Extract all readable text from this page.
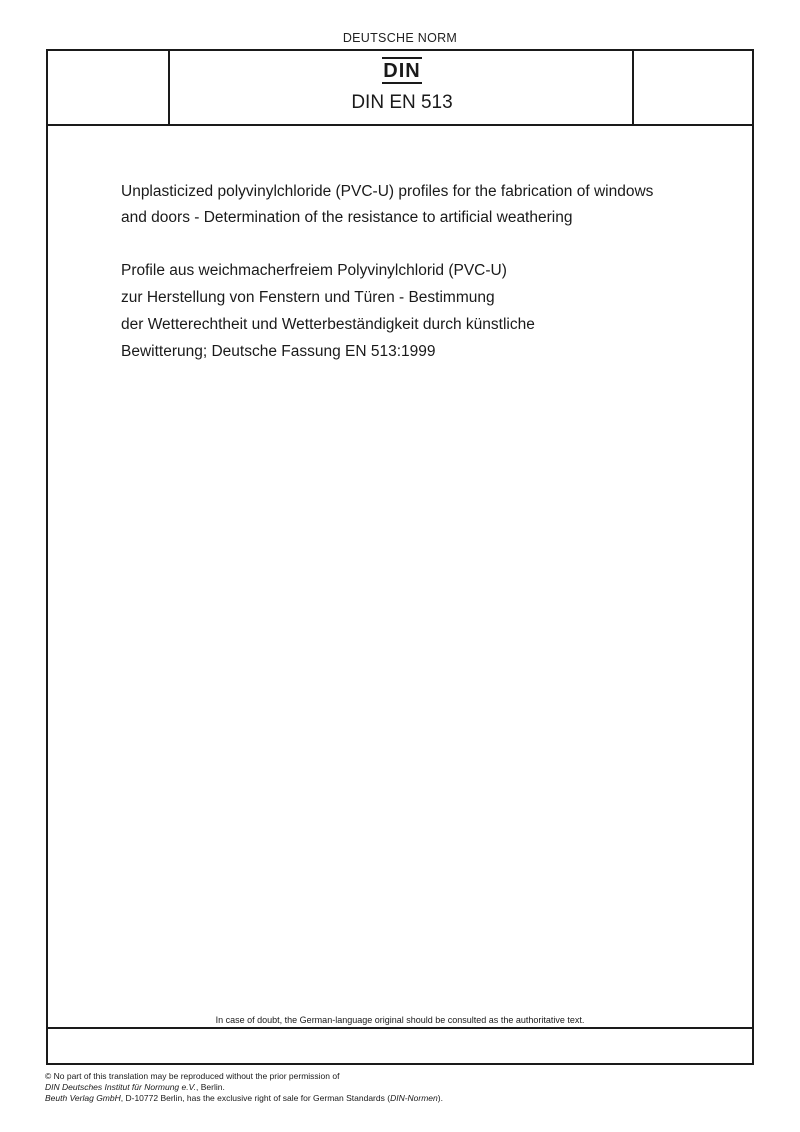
DEUTSCHE NORM
DIN
DIN EN 513
Unplasticized polyvinylchloride (PVC-U) profiles for the fabrication of windows
and doors - Determination of the resistance to artificial weathering
Profile aus weichmacherfreiem Polyvinylchlorid (PVC-U)
zur Herstellung von Fenstern und Türen - Bestimmung
der Wetterechtheit und Wetterbeständigkeit durch künstliche
Bewitterung; Deutsche Fassung EN 513:1999
In case of doubt, the German-language original should be consulted as the authoritative text.
© No part of this translation may be reproduced without the prior permission of
DIN Deutsches Institut für Normung e.V., Berlin.
Beuth Verlag GmbH, D-10772 Berlin, has the exclusive right of sale for German Standards (DIN-Normen).
